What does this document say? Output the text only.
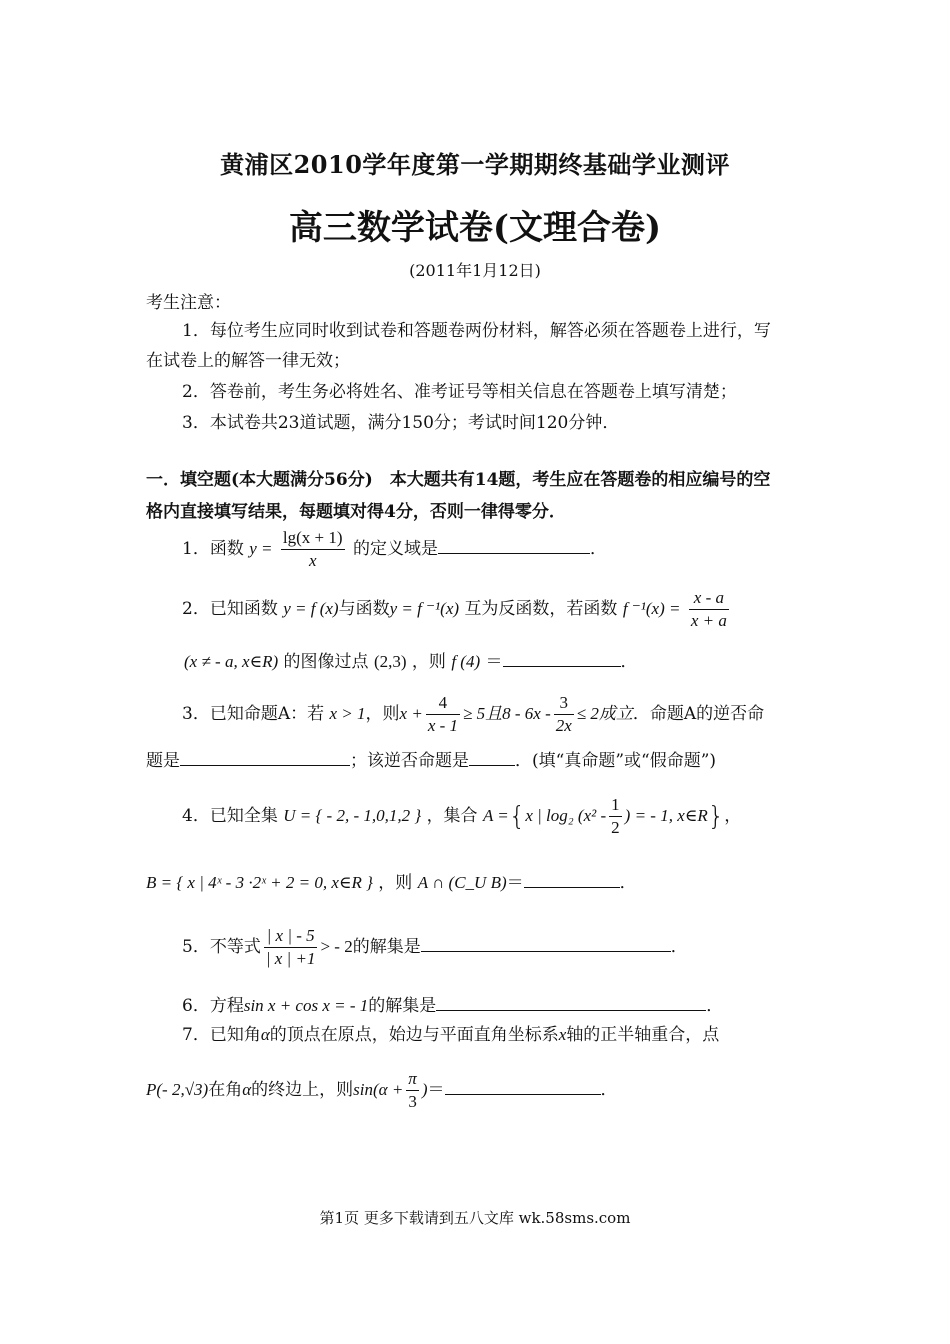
黄浦区2010学年度第一学期期终基础学业测评
高三数学试卷(文理合卷)
(2011年1月12日)
考生注意：
1．每位考生应同时收到试卷和答题卷两份材料，解答必须在答题卷上进行，写
在试卷上的解答一律无效；
2．答卷前，考生务必将姓名、准考证号等相关信息在答题卷上填写清楚；
3．本试卷共23道试题，满分150分；考试时间120分钟．
一．填空题(本大题满分56分)　本大题共有14题，考生应在答题卷的相应编号的空
格内直接填写结果，每题填对得4分，否则一律得零分．
1．函数 $y = \frac{\lg(x + 1)}{x}$ 的定义域是	．
2．已知函数 y = f (x)与函数y = f ⁻¹(x) 互为反函数，若函数 f $^{-1}(x) = \frac{x - a}{x + a}$
(x ≠ - a, x∈R) 的图像过点 (2,3) ，则 f (4) ＝	．
3．已知命题A：若 x > 1，则$x + \frac{4}{x - 1} \ge 5$且$8 - 6x - \frac{3}{2x} \le 2$成立．命题A的逆否命
题是	；该逆否命题是	．(填“真命题”或“假命题”)
4．已知全集 U = { - 2, - 1,0,1,2 } ，集合 A ={x | log₂ ($x^2 - \frac{1}{2}$ ) = - 1, x∈R}，
B = { x | 4ˣ - 3 ·2ˣ + 2 = 0, x∈R } ，则 A ∩ (C_U B)＝	．
5．不等式 $\frac{| x | - 5}{| x | +1}$ > - 2的解集是	．
6．方程sin x + cos x = - 1的解集是	．
7．已知角α的顶点在原点，始边与平面直角坐标系x轴的正半轴重合，点
P(- 2,√3)在角α的终边上，则$\sin(\alpha + \frac{\pi}{3}$ )＝	．
第1页 更多下载请到五八文库 wk.58sms.com
